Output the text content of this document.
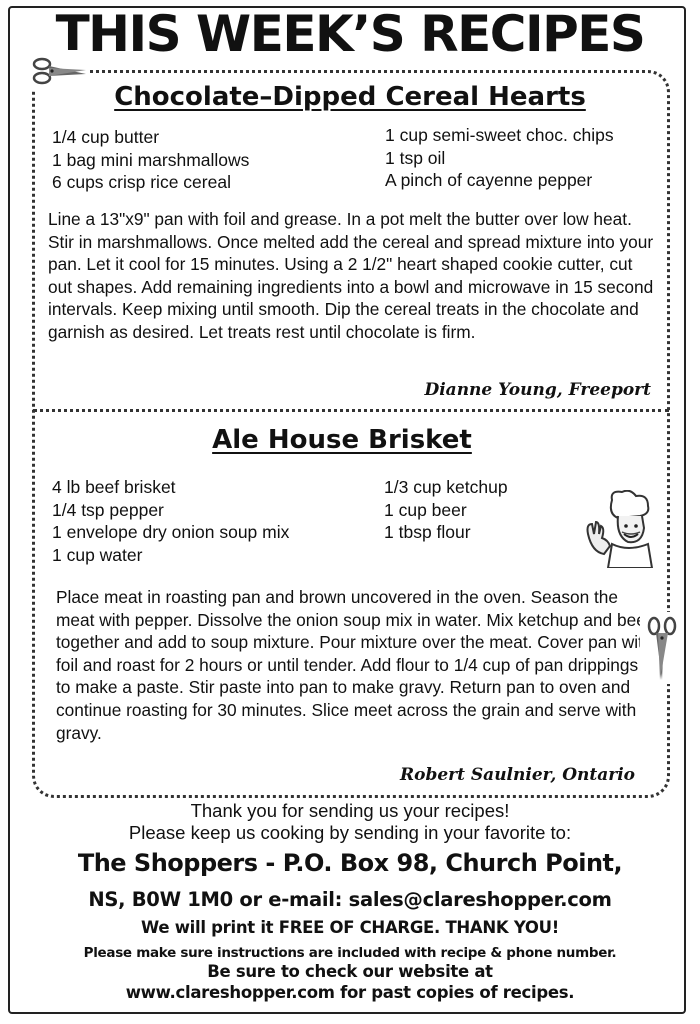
THIS WEEK’S RECIPES
Chocolate–Dipped Cereal Hearts
1/4 cup butter
1 bag mini marshmallows
6 cups crisp rice cereal
1 cup semi-sweet choc. chips
1 tsp oil
A pinch of cayenne pepper

Line a 13"x9" pan with foil and grease. In a pot melt the butter over low heat. Stir in marshmallows. Once melted add the cereal and spread mixture into your pan. Let it cool for 15 minutes. Using a 2 1/2" heart shaped cookie cutter, cut out shapes. Add remaining ingredients into a bowl and microwave in 15 second intervals. Keep mixing until smooth. Dip the cereal treats in the chocolate and garnish as desired. Let treats rest until chocolate is firm.

Dianne Young, Freeport
Ale House Brisket
4 lb beef brisket
1/4 tsp pepper
1 envelope dry onion soup mix
1 cup water
1/3 cup ketchup
1 cup beer
1 tbsp flour

Place meat in roasting pan and brown uncovered in the oven. Season the meat with pepper. Dissolve the onion soup mix in water. Mix ketchup and beer together and add to soup mixture. Pour mixture over the meat. Cover pan with foil and roast for 2 hours or until tender. Add flour to 1/4 cup of pan drippings to make a paste. Stir paste into pan to make gravy. Return pan to oven and continue roasting for 30 minutes. Slice meet across the grain and serve with gravy.

Robert Saulnier, Ontario
Thank you for sending us your recipes!
Please keep us cooking by sending in your favorite to:
The Shoppers - P.O. Box 98, Church Point,
NS, B0W 1M0 or e-mail: sales@clareshopper.com
We will print it FREE OF CHARGE. THANK YOU!
Please make sure instructions are included with recipe & phone number.
Be sure to check our website at
www.clareshopper.com for past copies of recipes.
